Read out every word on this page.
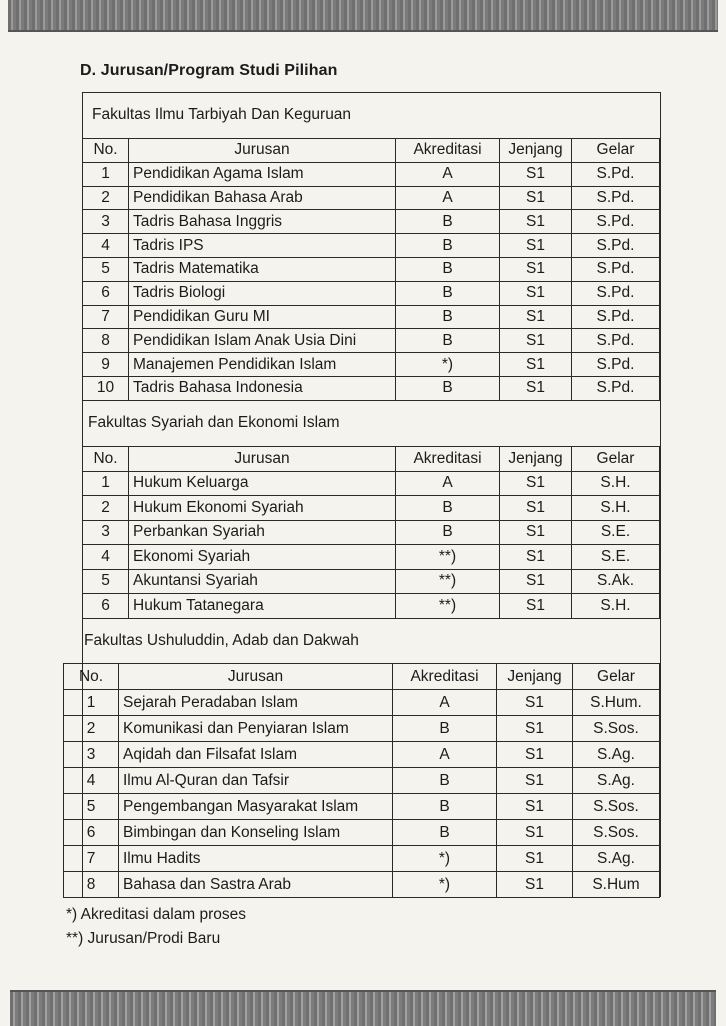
D. Jurusan/Program Studi Pilihan
Fakultas Ilmu Tarbiyah Dan Keguruan
No.	Jurusan	Akreditasi	Jenjang	Gelar
1	Pendidikan Agama Islam	A	S1	S.Pd.
2	Pendidikan Bahasa Arab	A	S1	S.Pd.
3	Tadris Bahasa Inggris	B	S1	S.Pd.
4	Tadris IPS	B	S1	S.Pd.
5	Tadris Matematika	B	S1	S.Pd.
6	Tadris Biologi	B	S1	S.Pd.
7	Pendidikan Guru MI	B	S1	S.Pd.
8	Pendidikan Islam Anak Usia Dini	B	S1	S.Pd.
9	Manajemen Pendidikan Islam	*)	S1	S.Pd.
10	Tadris Bahasa Indonesia	B	S1	S.Pd.
Fakultas Syariah dan Ekonomi Islam
No.	Jurusan	Akreditasi	Jenjang	Gelar
1	Hukum Keluarga	A	S1	S.H.
2	Hukum Ekonomi Syariah	B	S1	S.H.
3	Perbankan Syariah	B	S1	S.E.
4	Ekonomi Syariah	**)	S1	S.E.
5	Akuntansi Syariah	**)	S1	S.Ak.
6	Hukum Tatanegara	**)	S1	S.H.
Fakultas Ushuluddin, Adab dan Dakwah
No.	Jurusan	Akreditasi	Jenjang	Gelar
1	Sejarah Peradaban Islam	A	S1	S.Hum.
2	Komunikasi dan Penyiaran Islam	B	S1	S.Sos.
3	Aqidah dan Filsafat Islam	A	S1	S.Ag.
4	Ilmu Al-Quran dan Tafsir	B	S1	S.Ag.
5	Pengembangan Masyarakat Islam	B	S1	S.Sos.
6	Bimbingan dan Konseling Islam	B	S1	S.Sos.
7	Ilmu Hadits	*)	S1	S.Ag.
8	Bahasa dan Sastra Arab	*)	S1	S.Hum
*) Akreditasi dalam proses
**) Jurusan/Prodi Baru
